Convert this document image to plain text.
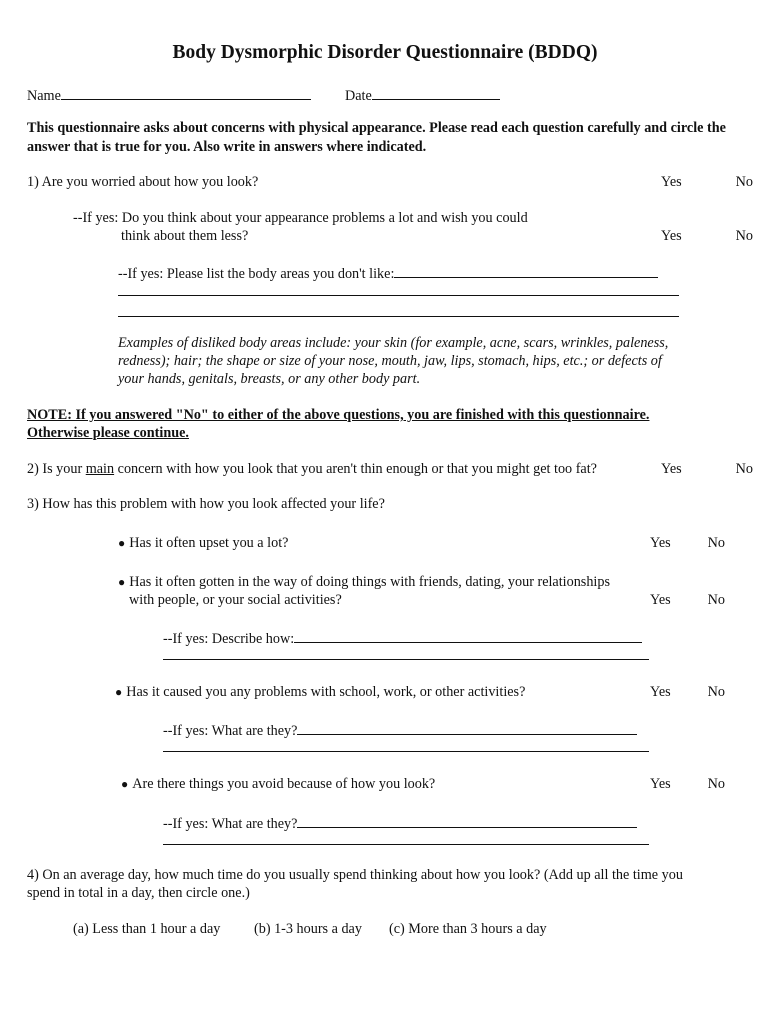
Body Dysmorphic Disorder Questionnaire (BDDQ)
Name	Date
This questionnaire asks about concerns with physical appearance. Please read each question carefully and circle the answer that is true for you. Also write in answers where indicated.
1) Are you worried about how you look?	Yes	No
--If yes: Do you think about your appearance problems a lot and wish you could
think about them less?	Yes	No
--If yes: Please list the body areas you don't like:
Examples of disliked body areas include: your skin (for example, acne, scars, wrinkles, paleness,
redness); hair; the shape or size of your nose, mouth, jaw, lips, stomach, hips, etc.; or defects of
your hands, genitals, breasts, or any other body part.
NOTE: If you answered "No" to either of the above questions, you are finished with this questionnaire.
Otherwise please continue.
2) Is your main concern with how you look that you aren't thin enough or that you might get too fat?	Yes	No
3) How has this problem with how you look affected your life?
● Has it often upset you a lot?	Yes	No
● Has it often gotten in the way of doing things with friends, dating, your relationships
with people, or your social activities?	Yes	No
--If yes: Describe how:
● Has it caused you any problems with school, work, or other activities?	Yes	No
--If yes: What are they?
● Are there things you avoid because of how you look?	Yes	No
--If yes: What are they?
4) On an average day, how much time do you usually spend thinking about how you look? (Add up all the time you
spend in total in a day, then circle one.)
(a) Less than 1 hour a day (b) 1-3 hours a day (c) More than 3 hours a day
